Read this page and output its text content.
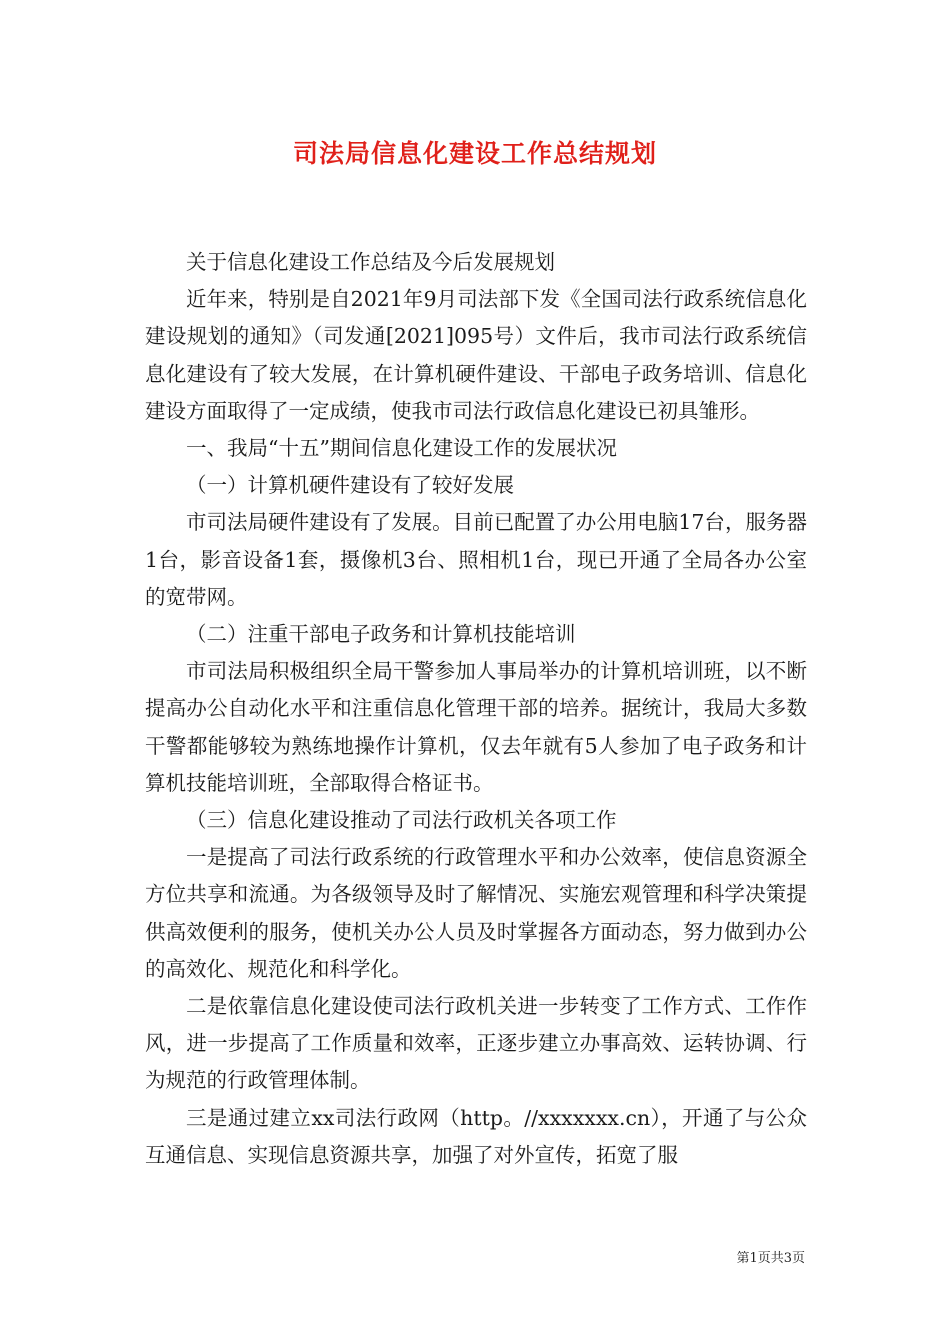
司法局信息化建设工作总结规划

关于信息化建设工作总结及今后发展规划

近年来，特别是自2021年9月司法部下发《全国司法行政系统信息化建设规划的通知》（司发通[2021]095号）文件后，我市司法行政系统信息化建设有了较大发展，在计算机硬件建设、干部电子政务培训、信息化建设方面取得了一定成绩，使我市司法行政信息化建设已初具雏形。

一、我局“十五”期间信息化建设工作的发展状况

（一）计算机硬件建设有了较好发展

市司法局硬件建设有了发展。目前已配置了办公用电脑17台，服务器1台，影音设备1套，摄像机3台、照相机1台，现已开通了全局各办公室的宽带网。

（二）注重干部电子政务和计算机技能培训

市司法局积极组织全局干警参加人事局举办的计算机培训班，以不断提高办公自动化水平和注重信息化管理干部的培养。据统计，我局大多数干警都能够较为熟练地操作计算机，仅去年就有5人参加了电子政务和计算机技能培训班，全部取得合格证书。

（三）信息化建设推动了司法行政机关各项工作

一是提高了司法行政系统的行政管理水平和办公效率，使信息资源全方位共享和流通。为各级领导及时了解情况、实施宏观管理和科学决策提供高效便利的服务，使机关办公人员及时掌握各方面动态，努力做到办公的高效化、规范化和科学化。

二是依靠信息化建设使司法行政机关进一步转变了工作方式、工作作风，进一步提高了工作质量和效率，正逐步建立办事高效、运转协调、行为规范的行政管理体制。

三是通过建立xx司法行政网（http。//xxxxxxx.cn），开通了与公众互通信息、实现信息资源共享，加强了对外宣传，拓宽了服

第1页共3页
